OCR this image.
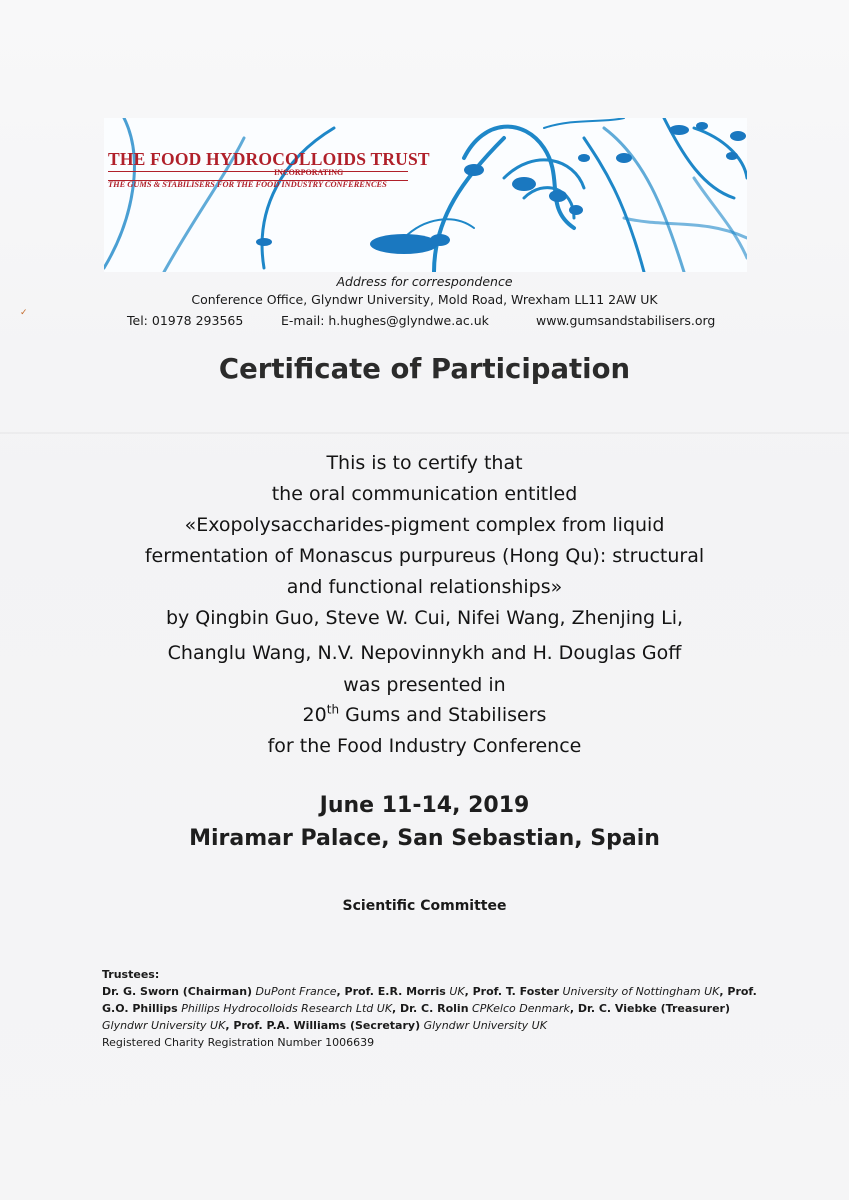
✓
THE FOOD HYDROCOLLOIDS TRUST
INCORPORATING
THE GUMS & STABILISERS FOR THE FOOD INDUSTRY CONFERENCES
Address for correspondence
Conference Office, Glyndwr University, Mold Road, Wrexham LL11 2AW UK
Tel: 01978 293565	E-mail: h.hughes@glyndwe.ac.uk	www.gumsandstabilisers.org
Certificate of Participation
This is to certify that
the oral communication entitled
«Exopolysaccharides-pigment complex from liquid
fermentation of Monascus purpureus (Hong Qu): structural
and functional relationships»
by Qingbin Guo, Steve W. Cui, Nifei Wang, Zhenjing Li,
Changlu Wang, N.V. Nepovinnykh and H. Douglas Goff
was presented in
20th Gums and Stabilisers
for the Food Industry Conference
June 11-14, 2019
Miramar Palace, San Sebastian, Spain
Scientific Committee
Trustees:
Dr. G. Sworn (Chairman) DuPont France, Prof. E.R. Morris UK, Prof. T. Foster University of Nottingham UK, Prof. G.O. Phillips Phillips Hydrocolloids Research Ltd UK, Dr. C. Rolin CPKelco Denmark, Dr. C. Viebke (Treasurer) Glyndwr University UK, Prof. P.A. Williams (Secretary) Glyndwr University UK
Registered Charity Registration Number 1006639
